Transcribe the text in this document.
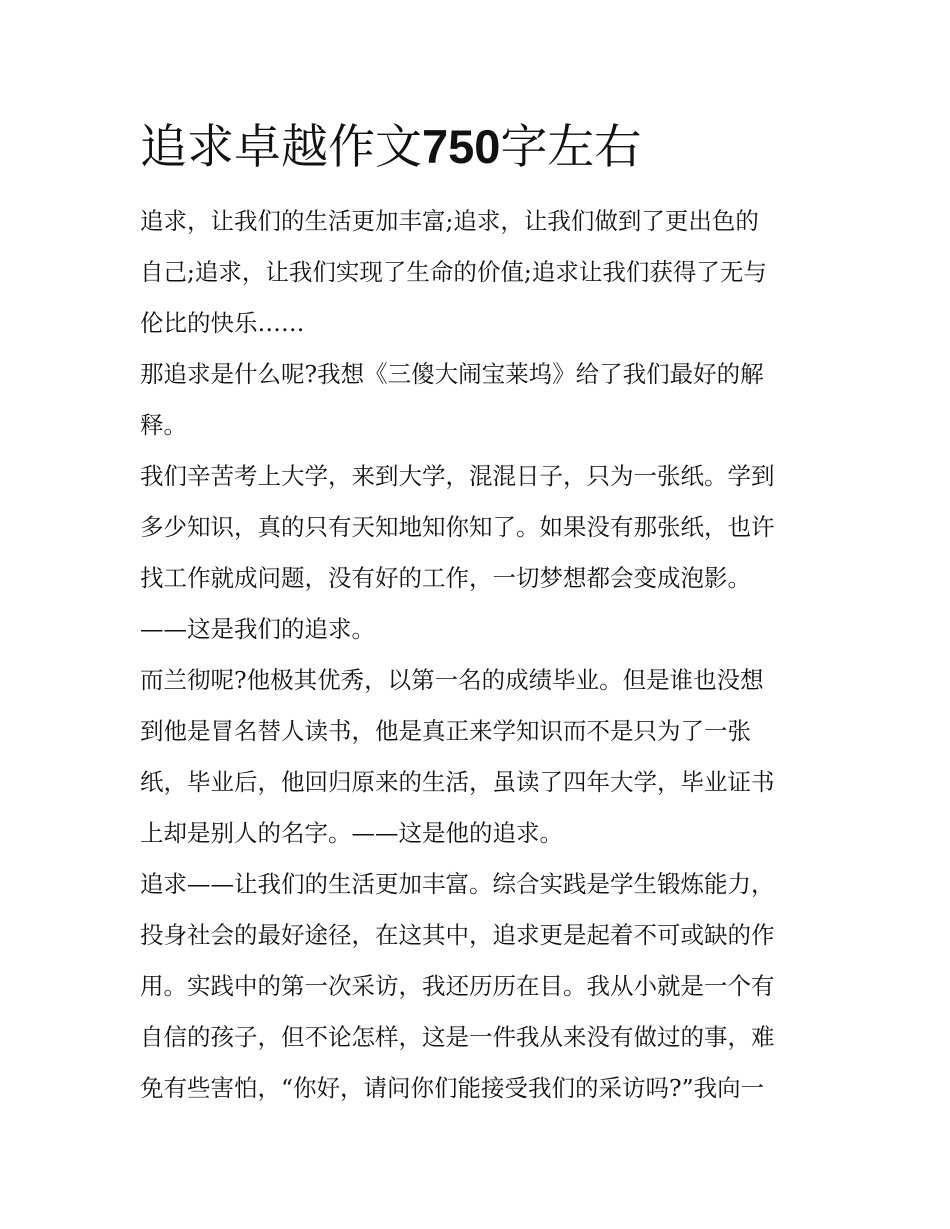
追求卓越作文750字左右

追求，让我们的生活更加丰富;追求，让我们做到了更出色的

自己;追求，让我们实现了生命的价值;追求让我们获得了无与

伦比的快乐……

那追求是什么呢?我想《三傻大闹宝莱坞》给了我们最好的解

释。

我们辛苦考上大学，来到大学，混混日子，只为一张纸。学到

多少知识，真的只有天知地知你知了。如果没有那张纸，也许

找工作就成问题，没有好的工作，一切梦想都会变成泡影。

——这是我们的追求。

而兰彻呢?他极其优秀，以第一名的成绩毕业。但是谁也没想

到他是冒名替人读书，他是真正来学知识而不是只为了一张

纸，毕业后，他回归原来的生活，虽读了四年大学，毕业证书

上却是别人的名字。——这是他的追求。

追求——让我们的生活更加丰富。综合实践是学生锻炼能力，

投身社会的最好途径，在这其中，追求更是起着不可或缺的作

用。实践中的第一次采访，我还历历在目。我从小就是一个有

自信的孩子，但不论怎样，这是一件我从来没有做过的事，难

免有些害怕，“你好，请问你们能接受我们的采访吗?”我向一
